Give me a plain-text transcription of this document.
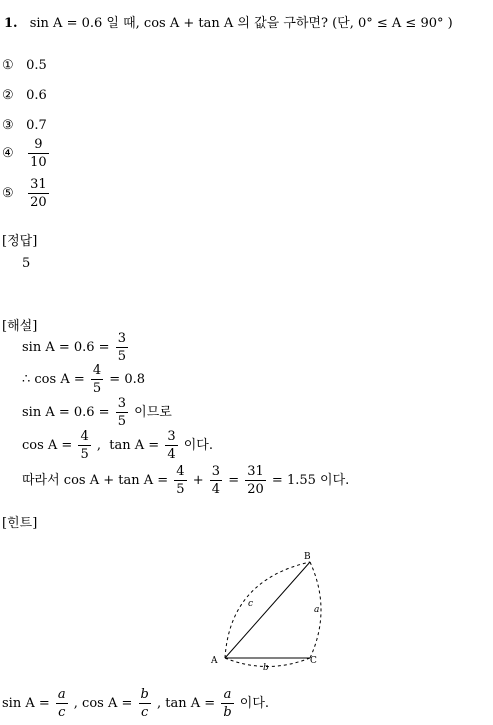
1. sin A = 0.6 일 때, cos A + tan A 의 값을 구하면? (단, 0° ≤ A ≤ 90° )
① 0.5
② 0.6
③ 0.7
④ $\frac{9}{10}$
⑤ $\frac{31}{20}$
[정답]
5
[해설]
$\sin A = 0.6 = \frac{3}{5}$
∴ $\cos A = \frac{4}{5} = 0.8$
$\sin A = 0.6 = \frac{3}{5}$ 이므로
$\cos A = \frac{4}{5}$ ,  $\tan A = \frac{3}{4}$ 이다.
따라서 $\cos A + \tan A = \frac{4}{5} + \frac{3}{4} = \frac{31}{20} = 1.55$ 이다.
[힌트]
A
B
C
c
a
b
$\sin A = \frac{a}{c}$ , $\cos A = \frac{b}{c}$ , $\tan A = \frac{a}{b}$ 이다.
